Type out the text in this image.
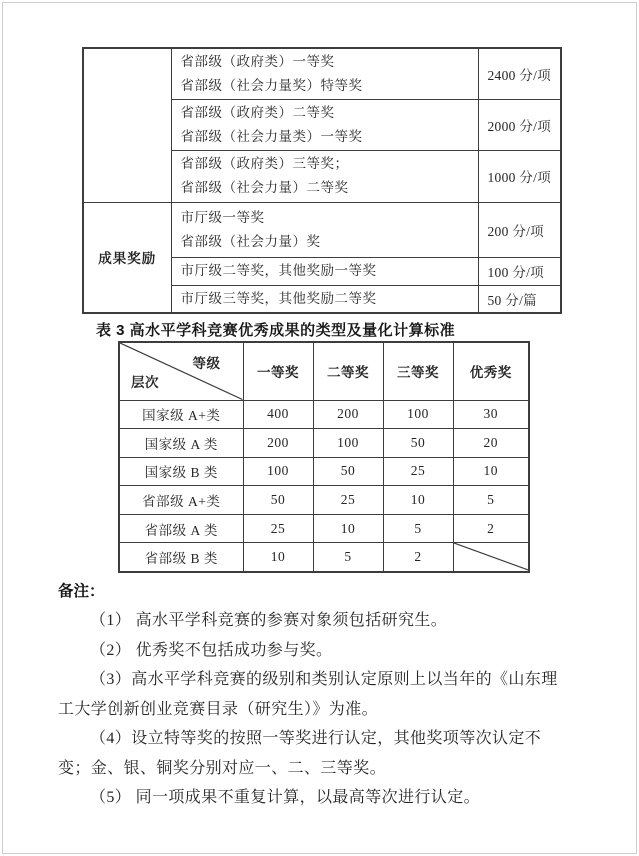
	省部级（政府类）一等奖
省部级（社会力量奖）特等奖	2400 分/项

	省部级（政府类）二等奖
省部级（社会力量类）一等奖	2000 分/项

	省部级（政府类）三等奖；
省部级（社会力量）二等奖	1000 分/项
成果奖励	市厅级一等奖
省部级（社会力量）奖	200 分/项

	市厅级二等奖，其他奖励一等奖	100 分/项

	市厅级三等奖，其他奖励二等奖	50 分/篇
表 3 高水平学科竞赛优秀成果的类型及量化计算标准
等级
层次	一等奖	二等奖	三等奖	优秀奖
国家级 A+类	400	200	100	30
国家级 A 类	200	100	50	20
国家级 B 类	100	50	25	10
省部级 A+类	50	25	10	5
省部级 A 类	25	10	5	2
省部级 B 类	10	5	2	
备注：

（1） 高水平学科竞赛的参赛对象须包括研究生。

（2） 优秀奖不包括成功参与奖。

（3）高水平学科竞赛的级别和类别认定原则上以当年的《山东理工大学创新创业竞赛目录（研究生）》为准。

（4）设立特等奖的按照一等奖进行认定，其他奖项等次认定不变；金、银、铜奖分别对应一、二、三等奖。

（5） 同一项成果不重复计算，以最高等次进行认定。
